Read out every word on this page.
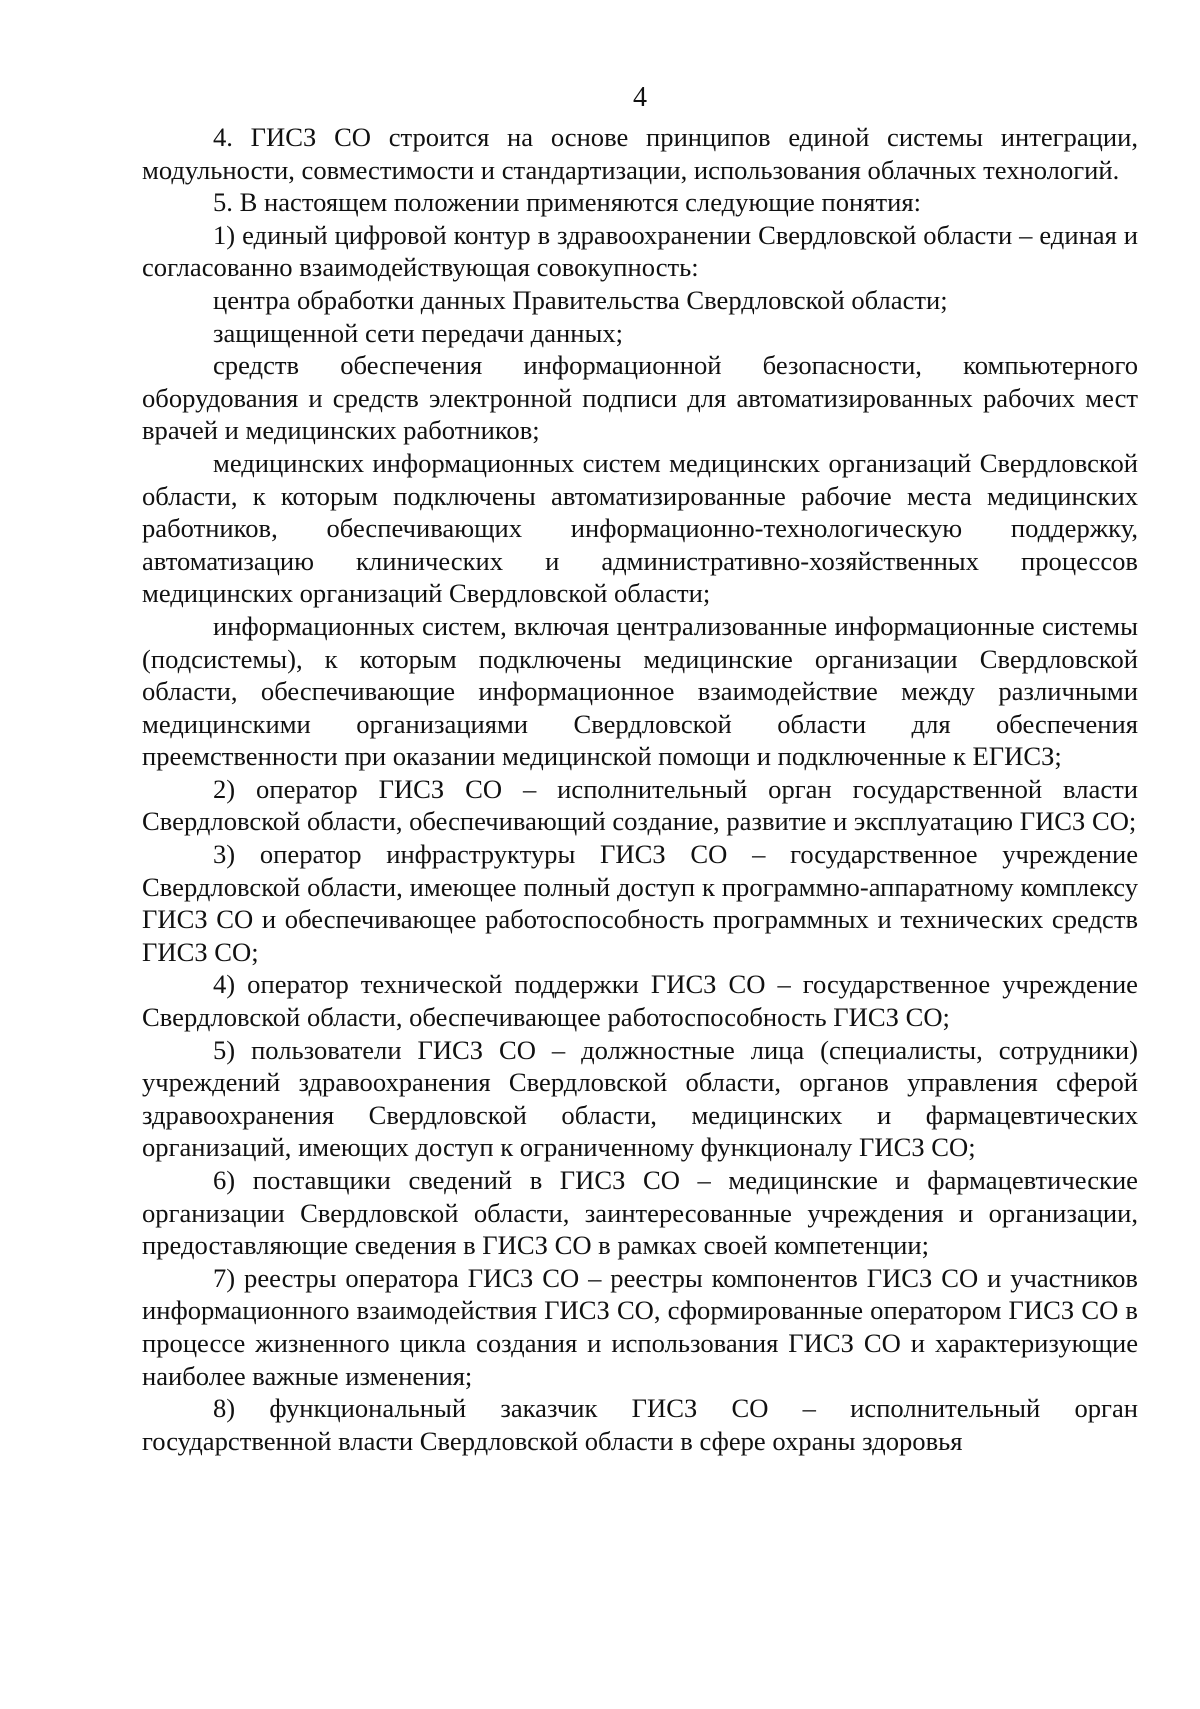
4

4. ГИСЗ СО строится на основе принципов единой системы интеграции, модульности, совместимости и стандартизации, использования облачных технологий.

5. В настоящем положении применяются следующие понятия:

1) единый цифровой контур в здравоохранении Свердловской области – единая и согласованно взаимодействующая совокупность:

центра обработки данных Правительства Свердловской области;

защищенной сети передачи данных;

средств обеспечения информационной безопасности, компьютерного оборудования и средств электронной подписи для автоматизированных рабочих мест врачей и медицинских работников;

медицинских информационных систем медицинских организаций Свердловской области, к которым подключены автоматизированные рабочие места медицинских работников, обеспечивающих информационно-технологическую поддержку, автоматизацию клинических и административно-хозяйственных процессов медицинских организаций Свердловской области;

информационных систем, включая централизованные информационные системы (подсистемы), к которым подключены медицинские организации Свердловской области, обеспечивающие информационное взаимодействие между различными медицинскими организациями Свердловской области для обеспечения преемственности при оказании медицинской помощи и подключенные к ЕГИСЗ;

2) оператор ГИСЗ СО – исполнительный орган государственной власти Свердловской области, обеспечивающий создание, развитие и эксплуатацию ГИСЗ СО;

3) оператор инфраструктуры ГИСЗ СО – государственное учреждение Свердловской области, имеющее полный доступ к программно-аппаратному комплексу ГИСЗ СО и обеспечивающее работоспособность программных и технических средств ГИСЗ СО;

4) оператор технической поддержки ГИСЗ СО – государственное учреждение Свердловской области, обеспечивающее работоспособность ГИСЗ СО;

5) пользователи ГИСЗ СО – должностные лица (специалисты, сотрудники) учреждений здравоохранения Свердловской области, органов управления сферой здравоохранения Свердловской области, медицинских и фармацевтических организаций, имеющих доступ к ограниченному функционалу ГИСЗ СО;

6) поставщики сведений в ГИСЗ СО – медицинские и фармацевтические организации Свердловской области, заинтересованные учреждения и организации, предоставляющие сведения в ГИСЗ СО в рамках своей компетенции;

7) реестры оператора ГИСЗ СО – реестры компонентов ГИСЗ СО и участников информационного взаимодействия ГИСЗ СО, сформированные оператором ГИСЗ СО в процессе жизненного цикла создания и использования ГИСЗ СО и характеризующие наиболее важные изменения;

8) функциональный заказчик ГИСЗ СО – исполнительный орган государственной власти Свердловской области в сфере охраны здоровья
